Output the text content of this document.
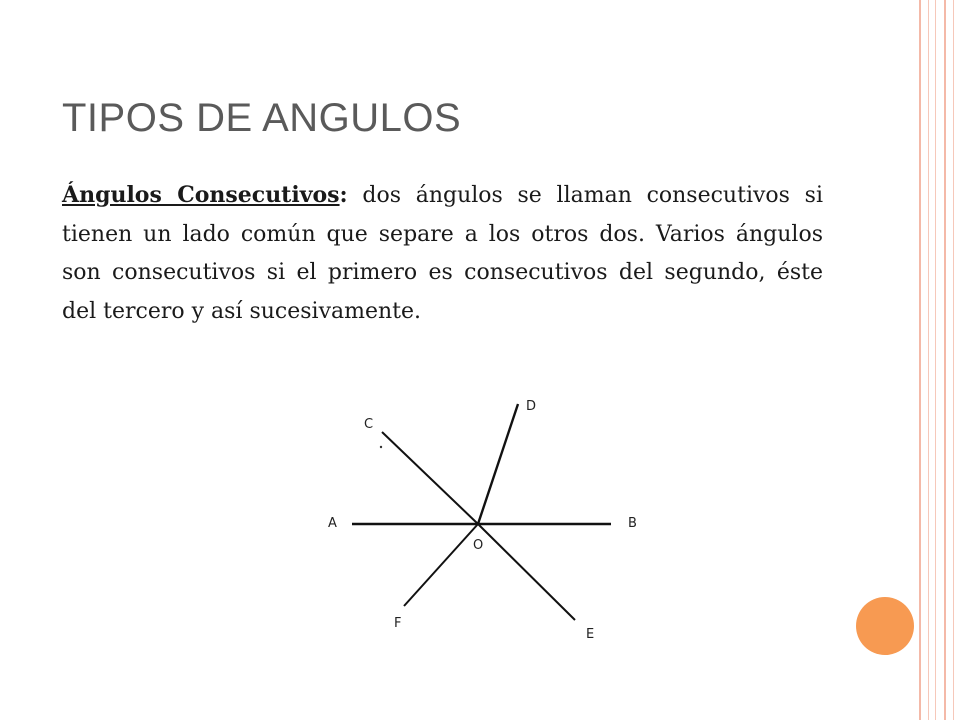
TIPOS DE ANGULOS

Ángulos Consecutivos: dos ángulos se llaman consecutivos si tienen un lado común que separe a los otros dos. Varios ángulos son consecutivos si el primero es consecutivos del segundo, éste del tercero y así sucesivamente.

A	B
C
D
E
F
O
